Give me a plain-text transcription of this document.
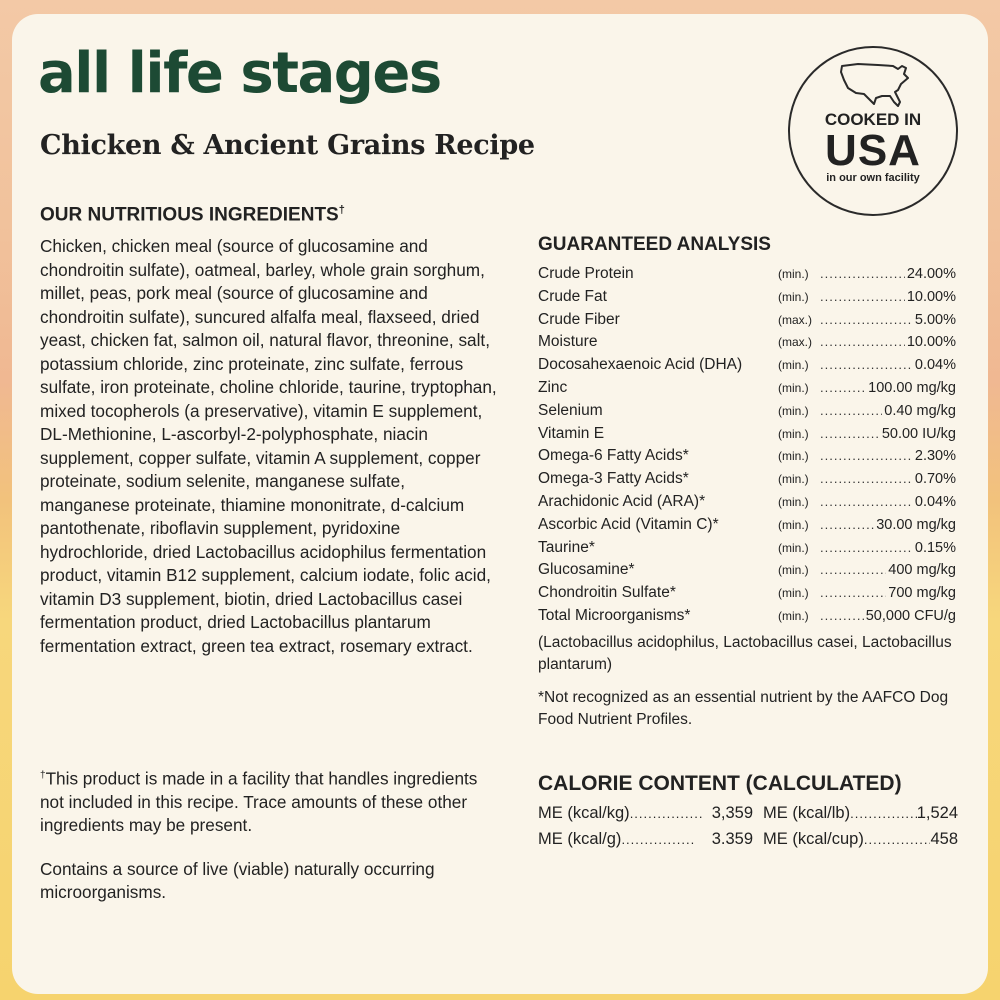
all life stages
Chicken & Ancient Grains Recipe
COOKED IN
USA
in our own facility
OUR NUTRITIOUS INGREDIENTS†

Chicken, chicken meal (source of glucosamine and chondroitin sulfate), oatmeal, barley, whole grain sorghum, millet, peas, pork meal (source of glucosamine and chondroitin sulfate), suncured alfalfa meal, flaxseed, dried yeast, chicken fat, salmon oil, natural flavor, threonine, salt, potassium chloride, zinc proteinate, zinc sulfate, ferrous sulfate, iron proteinate, choline chloride, taurine, tryptophan, mixed tocopherols (a preservative), vitamin E supplement, DL-Methionine, L-ascorbyl-2-polyphosphate, niacin supplement, copper sulfate, vitamin A supplement, copper proteinate, sodium selenite, manganese sulfate, manganese proteinate, thiamine mononitrate, d-calcium pantothenate, riboflavin supplement, pyridoxine hydrochloride, dried Lactobacillus acidophilus fermentation product, vitamin B12 supplement, calcium iodate, folic acid, vitamin D3 supplement, biotin, dried Lactobacillus casei fermentation product, dried Lactobacillus plantarum fermentation extract, green tea extract, rosemary extract.

†This product is made in a facility that handles ingredients not included in this recipe. Trace amounts of these other ingredients may be present.

Contains a source of live (viable) naturally occurring microorganisms.

GUARANTEED ANALYSIS
Crude Protein	(min.) .....	24.00%
Crude Fat	(min.) .....	10.00%
Crude Fiber	(max.) .....	5.00%
Moisture	(max.) .....	10.00%
Docosahexaenoic Acid (DHA)	(min.) .....	0.04%
Zinc	(min.) .....	100.00 mg/kg
Selenium	(min.) .....	0.40 mg/kg
Vitamin E	(min.) .....	50.00 IU/kg
Omega-6 Fatty Acids*	(min.) .....	2.30%
Omega-3 Fatty Acids*	(min.) .....	0.70%
Arachidonic Acid (ARA)*	(min.) .....	0.04%
Ascorbic Acid (Vitamin C)*	(min.) .....	30.00 mg/kg
Taurine*	(min.) .....	0.15%
Glucosamine*	(min.) .....	400 mg/kg
Chondroitin Sulfate*	(min.) .....	700 mg/kg
Total Microorganisms*	(min.) .....	50,000 CFU/g

(Lactobacillus acidophilus, Lactobacillus casei, Lactobacillus plantarum)

*Not recognized as an essential nutrient by the AAFCO Dog Food Nutrient Profiles.

CALORIE CONTENT (CALCULATED)
ME (kcal/kg) .....	3,359 ME (kcal/lb) .....	1,524
ME (kcal/g) .....	3.359 ME (kcal/cup) .....	458
